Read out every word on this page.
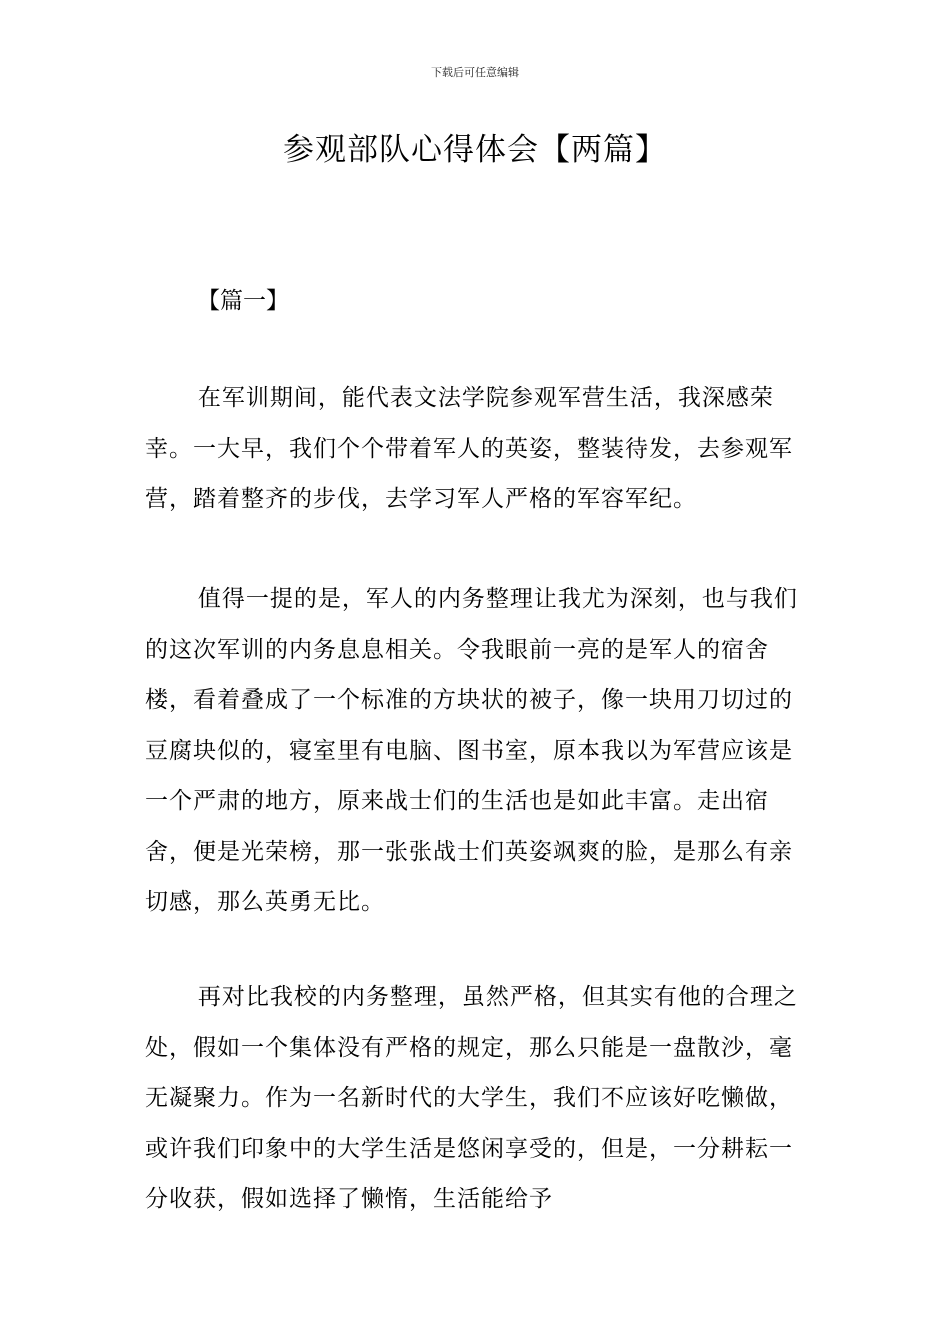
下载后可任意编辑
参观部队心得体会【两篇】
【篇一】

在军训期间，能代表文法学院参观军营生活，我深感荣幸。一大早，我们个个带着军人的英姿，整装待发，去参观军营，踏着整齐的步伐，去学习军人严格的军容军纪。

值得一提的是，军人的内务整理让我尤为深刻，也与我们的这次军训的内务息息相关。令我眼前一亮的是军人的宿舍楼，看着叠成了一个标准的方块状的被子，像一块用刀切过的豆腐块似的，寝室里有电脑、图书室，原本我以为军营应该是一个严肃的地方，原来战士们的生活也是如此丰富。走出宿舍，便是光荣榜，那一张张战士们英姿飒爽的脸，是那么有亲切感，那么英勇无比。

再对比我校的内务整理，虽然严格，但其实有他的合理之处，假如一个集体没有严格的规定，那么只能是一盘散沙，毫无凝聚力。作为一名新时代的大学生，我们不应该好吃懒做，或许我们印象中的大学生活是悠闲享受的，但是，一分耕耘一分收获，假如选择了懒惰，生活能给予
